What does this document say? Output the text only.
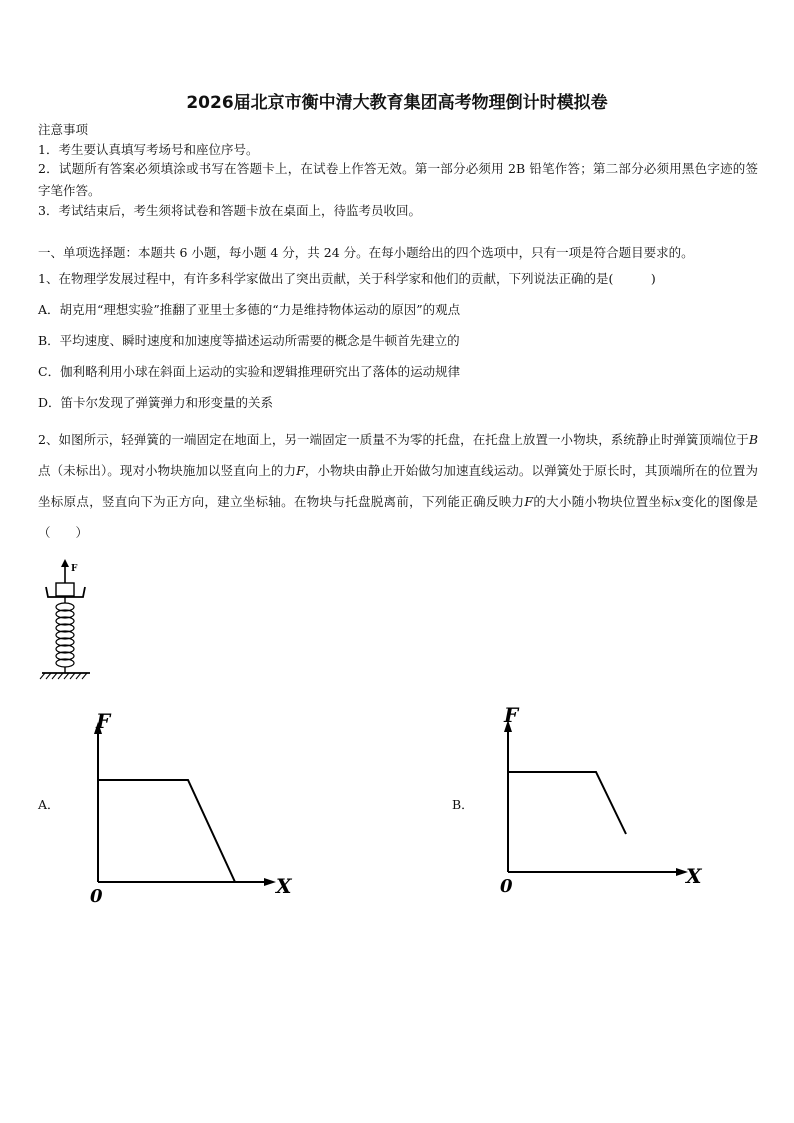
2026届北京市衡中清大教育集团高考物理倒计时模拟卷
注意事项
1．考生要认真填写考场号和座位序号。
2．试题所有答案必须填涂或书写在答题卡上，在试卷上作答无效。第一部分必须用 2B 铅笔作答；第二部分必须用黑色字迹的签字笔作答。
3．考试结束后，考生须将试卷和答题卡放在桌面上，待监考员收回。
一、单项选择题：本题共 6 小题，每小题 4 分，共 24 分。在每小题给出的四个选项中，只有一项是符合题目要求的。
1、在物理学发展过程中，有许多科学家做出了突出贡献，关于科学家和他们的贡献，下列说法正确的是(　　　)
A．胡克用“理想实验”推翻了亚里士多德的“力是维持物体运动的原因”的观点
B．平均速度、瞬时速度和加速度等描述运动所需要的概念是牛顿首先建立的
C．伽利略利用小球在斜面上运动的实验和逻辑推理研究出了落体的运动规律
D．笛卡尔发现了弹簧弹力和形变量的关系
2、如图所示，轻弹簧的一端固定在地面上，另一端固定一质量不为零的托盘，在托盘上放置一小物块，系统静止时弹簧顶端位于B点（未标出）。现对小物块施加以竖直向上的力F，小物块由静止开始做匀加速直线运动。以弹簧处于原长时，其顶端所在的位置为坐标原点，竖直向下为正方向，建立坐标轴。在物块与托盘脱离前，下列能正确反映力F的大小随小物块位置坐标x变化的图像是（　　）
F
A．
F
X
0
B．
F
X
0
